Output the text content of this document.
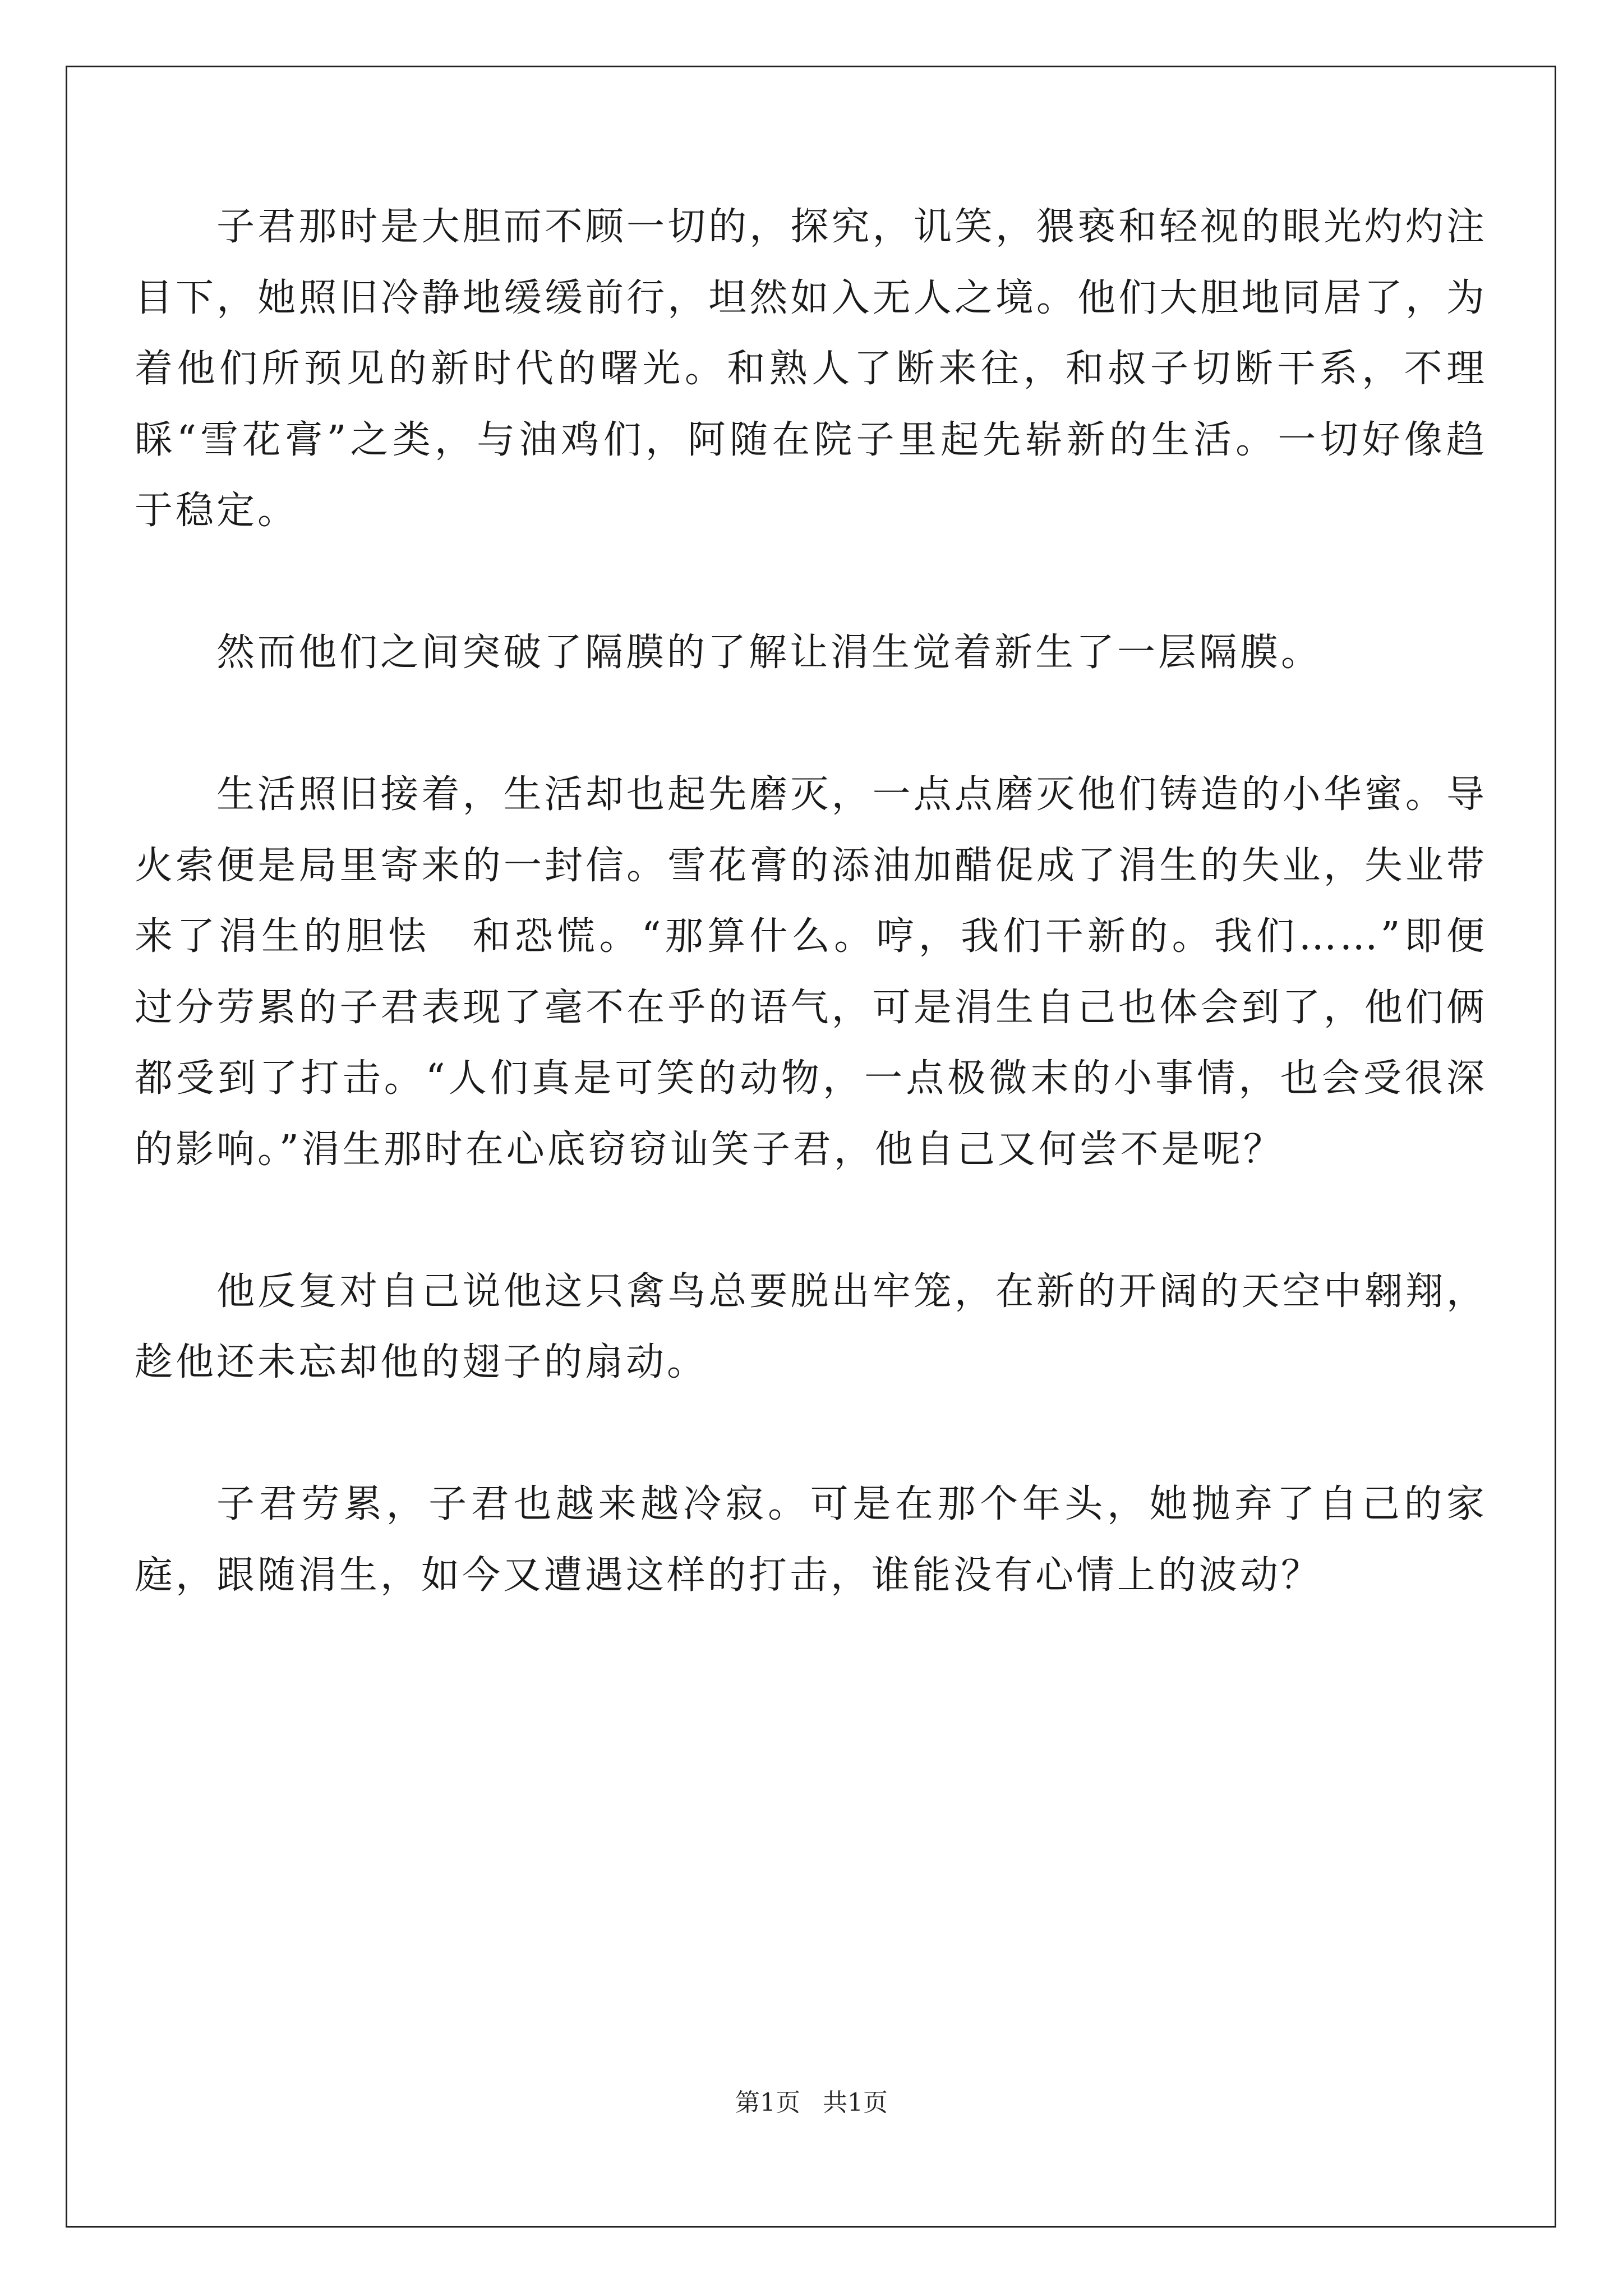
子君那时是大胆而不顾一切的，探究，讥笑，猥亵和轻视的眼光灼灼注目下，她照旧冷静地缓缓前行，坦然如入无人之境。他们大胆地同居了，为着他们所预见的新时代的曙光。和熟人了断来往，和叔子切断干系，不理睬“雪花膏”之类，与油鸡们，阿随在院子里起先崭新的生活。一切好像趋于稳定。

然而他们之间突破了隔膜的了解让涓生觉着新生了一层隔膜。

生活照旧接着，生活却也起先磨灭，一点点磨灭他们铸造的小华蜜。导火索便是局里寄来的一封信。雪花膏的添油加醋促成了涓生的失业，失业带来了涓生的胆怯　和恐慌。“那算什么。哼，我们干新的。我们……”即便过分劳累的子君表现了毫不在乎的语气，可是涓生自己也体会到了，他们俩都受到了打击。“人们真是可笑的动物，一点极微末的小事情，也会受很深的影响。”涓生那时在心底窃窃讪笑子君，他自己又何尝不是呢？

他反复对自己说他这只禽鸟总要脱出牢笼，在新的开阔的天空中翱翔，趁他还未忘却他的翅子的扇动。

子君劳累，子君也越来越冷寂。可是在那个年头，她抛弃了自己的家庭，跟随涓生，如今又遭遇这样的打击，谁能没有心情上的波动？

第1页 共1页
